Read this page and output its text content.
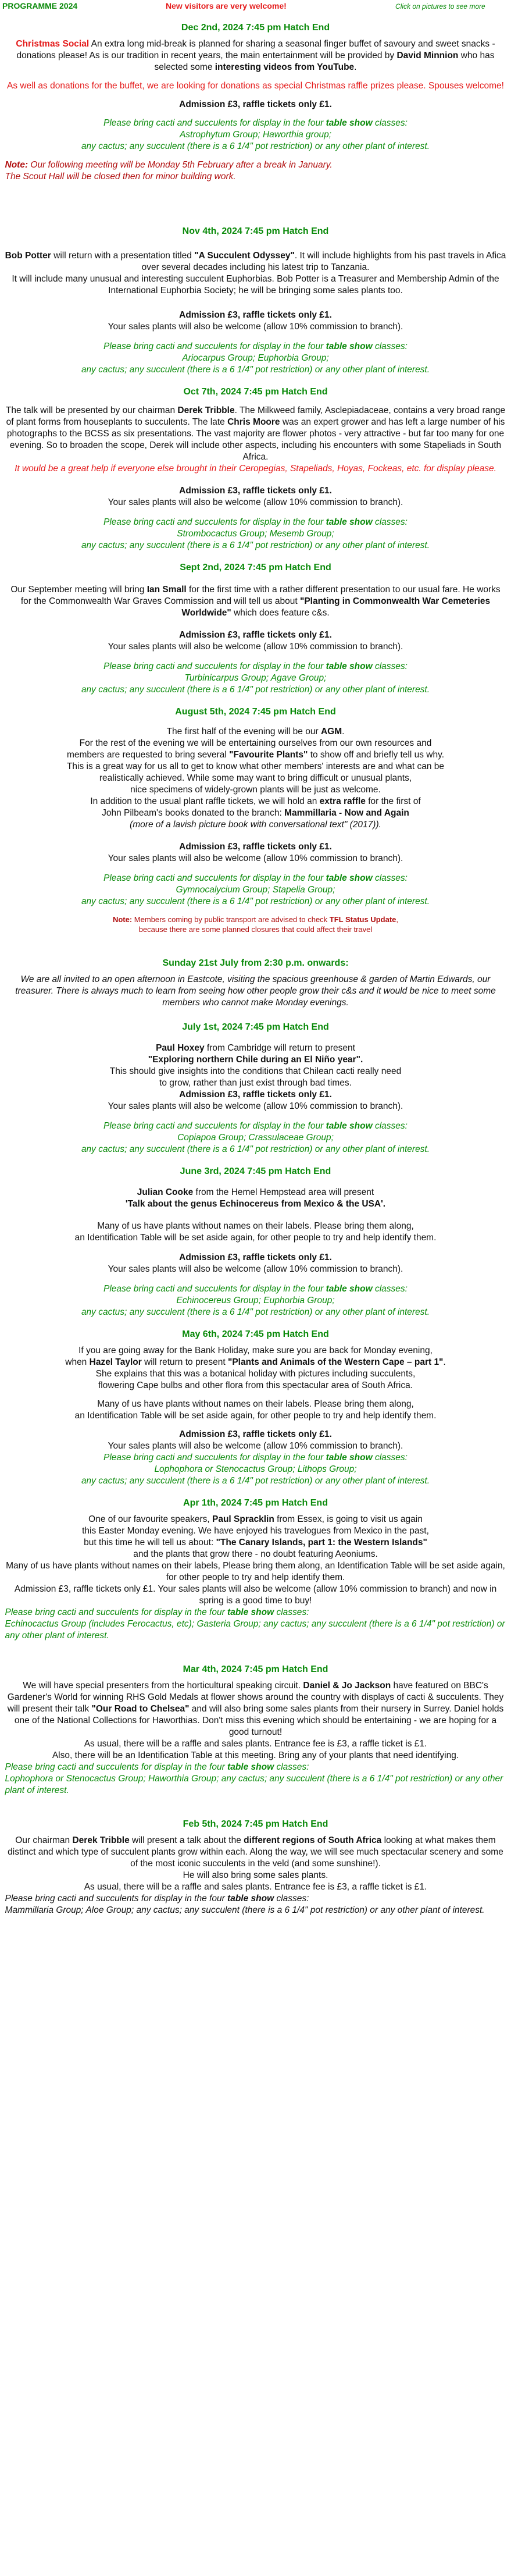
PROGRAMME 2024	New visitors are very welcome!	Click on pictures to see more
Dec 2nd, 2024 7:45 pm Hatch End

Christmas Social An extra long mid-break is planned for sharing a seasonal finger buffet of savoury and sweet snacks - donations please! As is our tradition in recent years, the main entertainment will be provided by David Minnion who has selected some interesting videos from YouTube.

As well as donations for the buffet, we are looking for donations as special Christmas raffle prizes please. Spouses welcome!

Admission £3, raffle tickets only £1.
Please bring cacti and succulents for display in the four table show classes:
Astrophytum Group; Haworthia group;
any cactus; any succulent (there is a 6 1/4" pot restriction) or any other plant of interest.
Note: Our following meeting will be Monday 5th February after a break in January.
The Scout Hall will be closed then for minor building work.
Nov 4th, 2024 7:45 pm Hatch End

Bob Potter will return with a presentation titled "A Succulent Odyssey". It will include highlights from his past travels in Afica over several decades including his latest trip to Tanzania.

It will include many unusual and interesting succulent Euphorbias. Bob Potter is a Treasurer and Membership Admin of the International Euphorbia Society; he will be bringing some sales plants too.

Admission £3, raffle tickets only £1.
Your sales plants will also be welcome (allow 10% commission to branch).
Please bring cacti and succulents for display in the four table show classes:
Ariocarpus Group; Euphorbia Group;
any cactus; any succulent (there is a 6 1/4" pot restriction) or any other plant of interest.
Oct 7th, 2024 7:45 pm Hatch End

The talk will be presented by our chairman Derek Tribble. The Milkweed family, Asclepiadaceae, contains a very broad range of plant forms from houseplants to succulents. The late Chris Moore was an expert grower and has left a large number of his photographs to the BCSS as six presentations. The vast majority are flower photos - very attractive - but far too many for one evening. So to broaden the scope, Derek will include other aspects, including his encounters with some Stapeliads in South Africa.

It would be a great help if everyone else brought in their Ceropegias, Stapeliads, Hoyas, Fockeas, etc. for display please.

Admission £3, raffle tickets only £1.
Your sales plants will also be welcome (allow 10% commission to branch).
Please bring cacti and succulents for display in the four table show classes:
Strombocactus Group; Mesemb Group;
any cactus; any succulent (there is a 6 1/4" pot restriction) or any other plant of interest.
Sept 2nd, 2024 7:45 pm Hatch End

Our September meeting will bring Ian Small for the first time with a rather different presentation to our usual fare. He works for the Commonwealth War Graves Commission and will tell us about "Planting in Commonwealth War Cemeteries Worldwide" which does feature c&s.

Admission £3, raffle tickets only £1.
Your sales plants will also be welcome (allow 10% commission to branch).
Please bring cacti and succulents for display in the four table show classes:
Turbinicarpus Group; Agave Group;
any cactus; any succulent (there is a 6 1/4" pot restriction) or any other plant of interest.
August 5th, 2024 7:45 pm Hatch End
The first half of the evening will be our AGM.
For the rest of the evening we will be entertaining ourselves from our own resources and
members are requested to bring several "Favourite Plants" to show off and briefly tell us why.
This is a great way for us all to get to know what other members' interests are and what can be
realistically achieved. While some may want to bring difficult or unusual plants,
nice specimens of widely-grown plants will be just as welcome.
In addition to the usual plant raffle tickets, we will hold an extra raffle for the first of
John Pilbeam's books donated to the branch: Mammillaria - Now and Again
(more of a lavish picture book with conversational text" (2017)).
Admission £3, raffle tickets only £1.
Your sales plants will also be welcome (allow 10% commission to branch).
Please bring cacti and succulents for display in the four table show classes:
Gymnocalycium Group; Stapelia Group;
any cactus; any succulent (there is a 6 1/4" pot restriction) or any other plant of interest.
Note: Members coming by public transport are advised to check TFL Status Update,
because there are some planned closures that could affect their travel
Sunday 21st July from 2:30 p.m. onwards:

We are all invited to an open afternoon in Eastcote, visiting the spacious greenhouse & garden of Martin Edwards, our treasurer. There is always much to learn from seeing how other people grow their c&s and it would be nice to meet some members who cannot make Monday evenings.

July 1st, 2024 7:45 pm Hatch End
Paul Hoxey from Cambridge will return to present
"Exploring northern Chile during an El Niño year".
This should give insights into the conditions that Chilean cacti really need
to grow, rather than just exist through bad times.
Admission £3, raffle tickets only £1.
Your sales plants will also be welcome (allow 10% commission to branch).
Please bring cacti and succulents for display in the four table show classes:
Copiapoa Group; Crassulaceae Group;
any cactus; any succulent (there is a 6 1/4" pot restriction) or any other plant of interest.
June 3rd, 2024 7:45 pm Hatch End
Julian Cooke from the Hemel Hempstead area will present
'Talk about the genus Echinocereus from Mexico & the USA'.
Many of us have plants without names on their labels. Please bring them along,
an Identification Table will be set aside again, for other people to try and help identify them.
Admission £3, raffle tickets only £1.
Your sales plants will also be welcome (allow 10% commission to branch).
Please bring cacti and succulents for display in the four table show classes:
Echinocereus Group; Euphorbia Group;
any cactus; any succulent (there is a 6 1/4" pot restriction) or any other plant of interest.
May 6th, 2024 7:45 pm Hatch End
If you are going away for the Bank Holiday, make sure you are back for Monday evening,
when Hazel Taylor will return to present "Plants and Animals of the Western Cape – part 1".
She explains that this was a botanical holiday with pictures including succulents,
flowering Cape bulbs and other flora from this spectacular area of South Africa.
Many of us have plants without names on their labels. Please bring them along,
an Identification Table will be set aside again, for other people to try and help identify them.
Admission £3, raffle tickets only £1.
Your sales plants will also be welcome (allow 10% commission to branch).
Please bring cacti and succulents for display in the four table show classes:
Lophophora or Stenocactus Group; Lithops Group;
any cactus; any succulent (there is a 6 1/4" pot restriction) or any other plant of interest.
Apr 1th, 2024 7:45 pm Hatch End
One of our favourite speakers, Paul Spracklin from Essex, is going to visit us again
this Easter Monday evening. We have enjoyed his travelogues from Mexico in the past,
but this time he will tell us about: "The Canary Islands, part 1: the Western Islands"
and the plants that grow there - no doubt featuring Aeoniums.
Many of us have plants without names on their labels, Please bring them along, an Identification Table will be set aside again, for other people to try and help identify them.
Admission £3, raffle tickets only £1. Your sales plants will also be welcome (allow 10% commission to branch) and now in spring is a good time to buy!
Please bring cacti and succulents for display in the four table show classes:
Echinocactus Group (includes Ferocactus, etc); Gasteria Group; any cactus; any succulent (there is a 6 1/4" pot restriction) or any other plant of interest.
Mar 4th, 2024 7:45 pm Hatch End
We will have special presenters from the horticultural speaking circuit. Daniel & Jo Jackson have featured on BBC's Gardener's World for winning RHS Gold Medals at flower shows around the country with displays of cacti & succulents. They will present their talk "Our Road to Chelsea" and will also bring some sales plants from their nursery in Surrey. Daniel holds one of the National Collections for Haworthias. Don't miss this evening which should be entertaining - we are hoping for a good turnout!
As usual, there will be a raffle and sales plants. Entrance fee is £3, a raffle ticket is £1.
Also, there will be an Identification Table at this meeting. Bring any of your plants that need identifying.
Please bring cacti and succulents for display in the four table show classes:
Lophophora or Stenocactus Group; Haworthia Group; any cactus; any succulent (there is a 6 1/4" pot restriction) or any other plant of interest.
Feb 5th, 2024 7:45 pm Hatch End
Our chairman Derek Tribble will present a talk about the different regions of South Africa looking at what makes them distinct and which type of succulent plants grow within each. Along the way, we will see much spectacular scenery and some of the most iconic succulents in the veld (and some sunshine!).
He will also bring some sales plants.
As usual, there will be a raffle and sales plants. Entrance fee is £3, a raffle ticket is £1.
Please bring cacti and succulents for display in the four table show classes:
Mammillaria Group; Aloe Group; any cactus; any succulent (there is a 6 1/4" pot restriction) or any other plant of interest.
